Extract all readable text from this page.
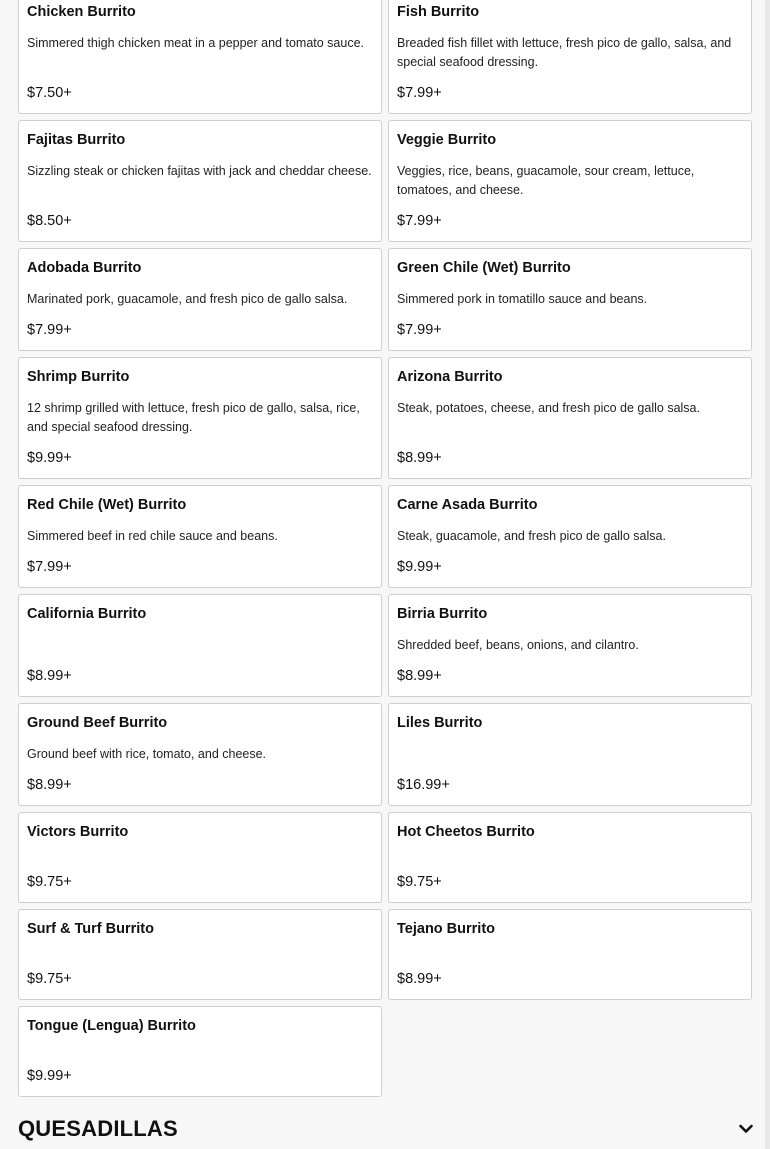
Chicken Burrito
Simmered thigh chicken meat in a pepper and tomato sauce.
$7.50+
Fish Burrito
Breaded fish fillet with lettuce, fresh pico de gallo, salsa, and special seafood dressing.
$7.99+
Fajitas Burrito
Sizzling steak or chicken fajitas with jack and cheddar cheese.
$8.50+
Veggie Burrito
Veggies, rice, beans, guacamole, sour cream, lettuce, tomatoes, and cheese.
$7.99+
Adobada Burrito
Marinated pork, guacamole, and fresh pico de gallo salsa.
$7.99+
Green Chile (Wet) Burrito
Simmered pork in tomatillo sauce and beans.
$7.99+
Shrimp Burrito
12 shrimp grilled with lettuce, fresh pico de gallo, salsa, rice, and special seafood dressing.
$9.99+
Arizona Burrito
Steak, potatoes, cheese, and fresh pico de gallo salsa.
$8.99+
Red Chile (Wet) Burrito
Simmered beef in red chile sauce and beans.
$7.99+
Carne Asada Burrito
Steak, guacamole, and fresh pico de gallo salsa.
$9.99+
California Burrito
$8.99+
Birria Burrito
Shredded beef, beans, onions, and cilantro.
$8.99+
Ground Beef Burrito
Ground beef with rice, tomato, and cheese.
$8.99+
Liles Burrito
$16.99+
Victors Burrito
$9.75+
Hot Cheetos Burrito
$9.75+
Surf & Turf Burrito
$9.75+
Tejano Burrito
$8.99+
Tongue (Lengua) Burrito
$9.99+
QUESADILLAS
